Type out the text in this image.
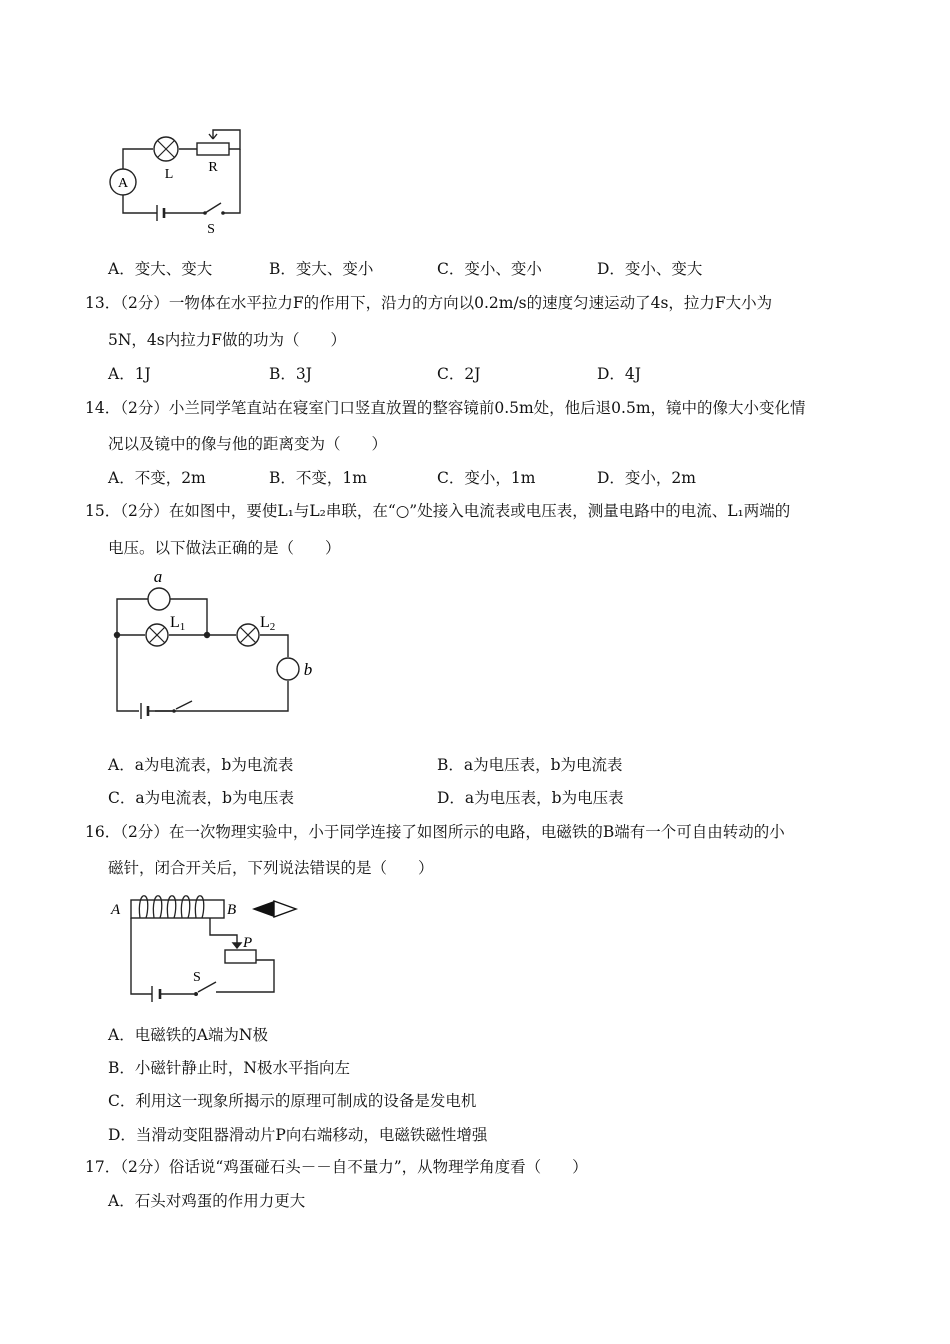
A
L	R
S
A．变大、变大	B．变大、变小	C．变小、变小	D．变小、变大
13．（2分）一物体在水平拉力F的作用下，沿力的方向以0.2m/s的速度匀速运动了4s，拉力F大小为
5N，4s内拉力F做的功为（　　）
A．1J	B．3J	C．2J	D．4J
14．（2分）小兰同学笔直站在寝室门口竖直放置的整容镜前0.5m处，他后退0.5m，镜中的像大小变化情
况以及镜中的像与他的距离变为（　　）
A．不变，2m	B．不变，1m	C．变小，1m	D．变小，2m
15．（2分）在如图中，要使L₁与L₂串联，在“○”处接入电流表或电压表，测量电路中的电流、L₁两端的
电压。以下做法正确的是（　　）
a
b
L1	L2
A．a为电流表，b为电流表	B．a为电压表，b为电流表
C．a为电流表，b为电压表	D．a为电压表，b为电压表
16．（2分）在一次物理实验中，小于同学连接了如图所示的电路，电磁铁的B端有一个可自由转动的小
磁针，闭合开关后，下列说法错误的是（　　）
A	B
P
S
A．电磁铁的A端为N极
B．小磁针静止时，N极水平指向左
C．利用这一现象所揭示的原理可制成的设备是发电机
D．当滑动变阻器滑动片P向右端移动，电磁铁磁性增强
17．（2分）俗话说“鸡蛋碰石头－－自不量力”，从物理学角度看（　　）
A．石头对鸡蛋的作用力更大
